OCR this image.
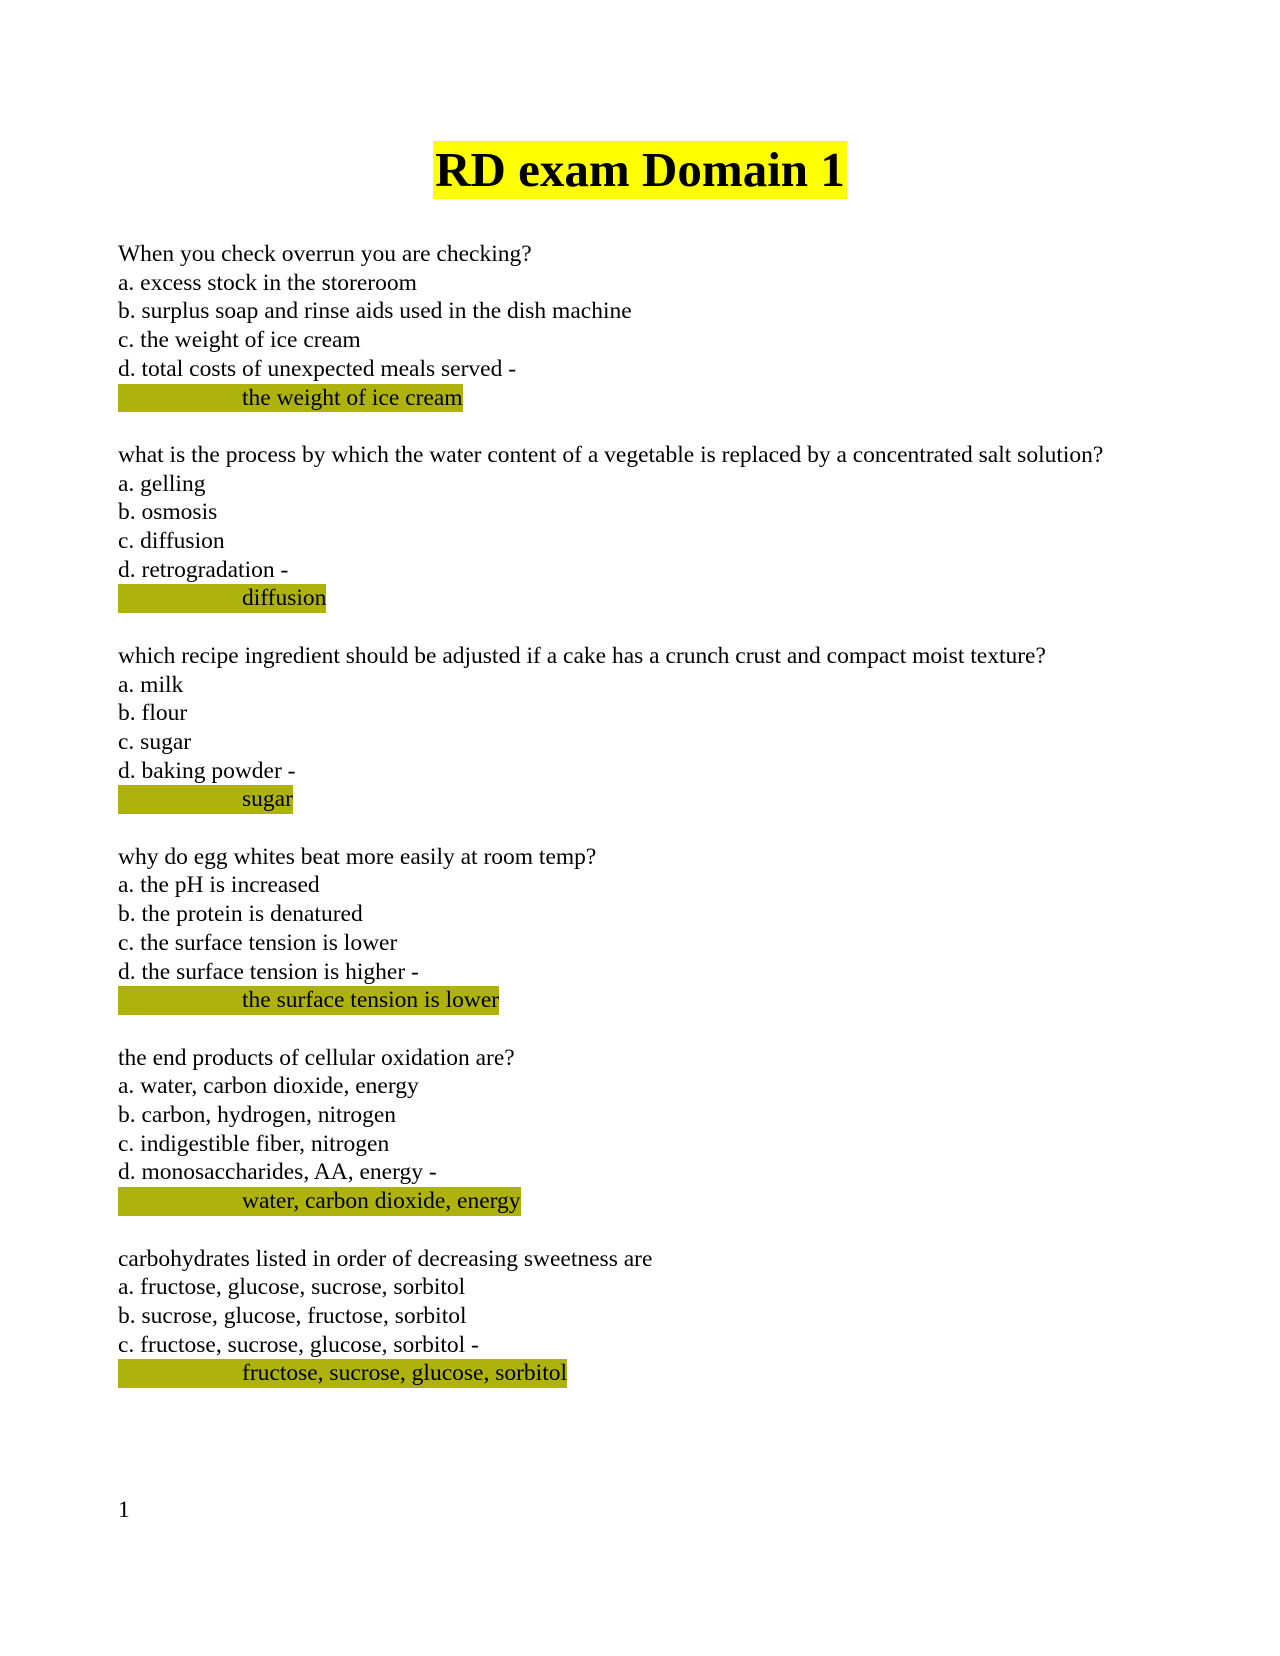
RD exam Domain 1
When you check overrun you are checking?
a. excess stock in the storeroom
b. surplus soap and rinse aids used in the dish machine
c. the weight of ice cream
d. total costs of unexpected meals served -
the weight of ice cream
what is the process by which the water content of a vegetable is replaced by a concentrated salt solution?
a. gelling
b. osmosis
c. diffusion
d. retrogradation -
diffusion
which recipe ingredient should be adjusted if a cake has a crunch crust and compact moist texture?
a. milk
b. flour
c. sugar
d. baking powder -
sugar
why do egg whites beat more easily at room temp?
a. the pH is increased
b. the protein is denatured
c. the surface tension is lower
d. the surface tension is higher -
the surface tension is lower
the end products of cellular oxidation are?
a. water, carbon dioxide, energy
b. carbon, hydrogen, nitrogen
c. indigestible fiber, nitrogen
d. monosaccharides, AA, energy -
water, carbon dioxide, energy
carbohydrates listed in order of decreasing sweetness are
a. fructose, glucose, sucrose, sorbitol
b. sucrose, glucose, fructose, sorbitol
c. fructose, sucrose, glucose, sorbitol -
fructose, sucrose, glucose, sorbitol
1
